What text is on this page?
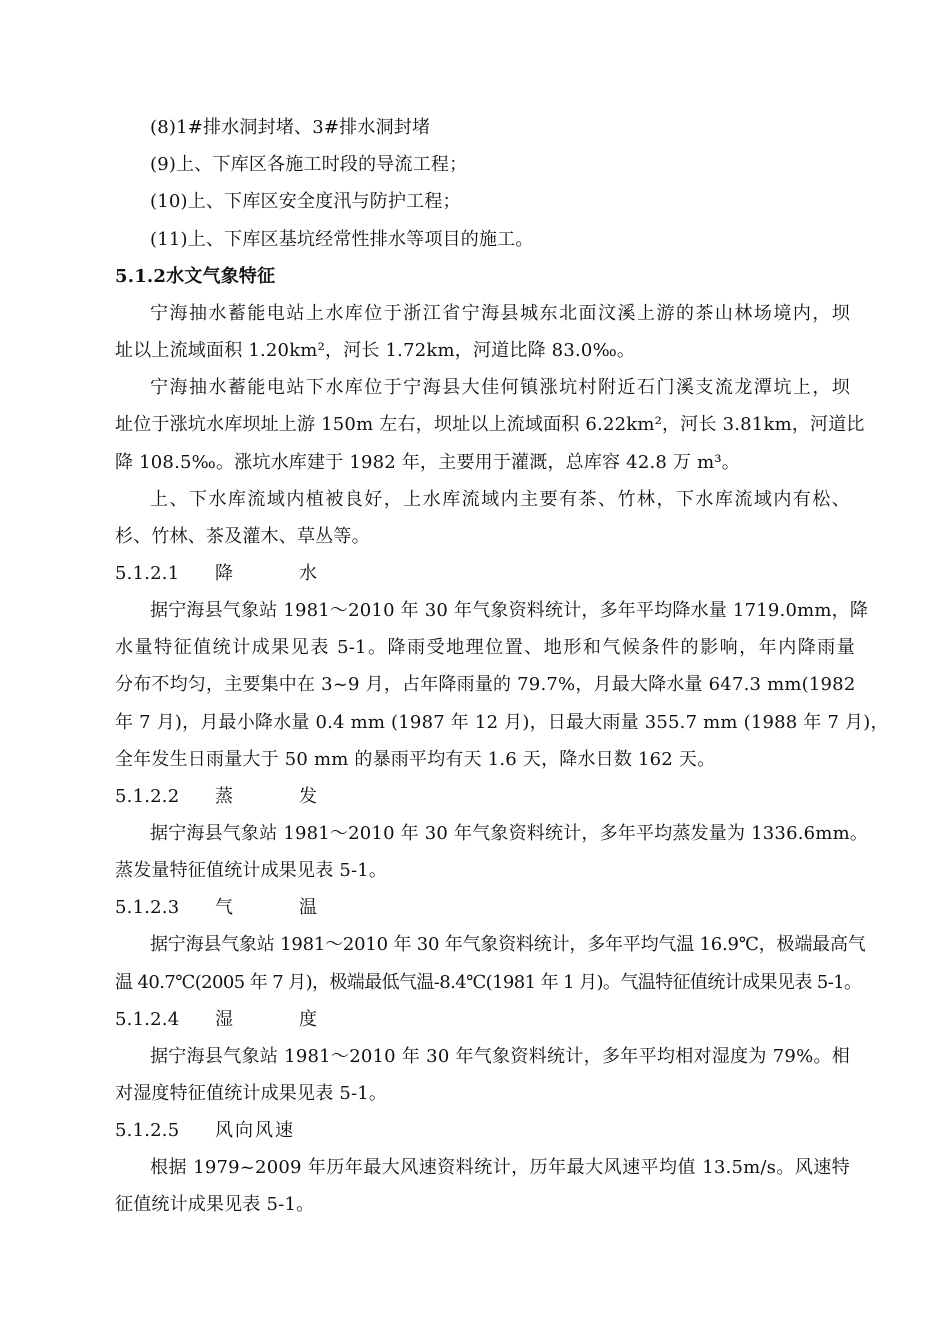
(8)1#排水洞封堵、3#排水洞封堵
(9)上、下库区各施工时段的导流工程；
(10)上、下库区安全度汛与防护工程；
(11)上、下库区基坑经常性排水等项目的施工。
5.1.2水文气象特征
宁海抽水蓄能电站上水库位于浙江省宁海县城东北面汶溪上游的茶山林场境内，坝
址以上流域面积 1.20km²，河长 1.72km，河道比降 83.0‰。
宁海抽水蓄能电站下水库位于宁海县大佳何镇涨坑村附近石门溪支流龙潭坑上，坝
址位于涨坑水库坝址上游 150m 左右，坝址以上流域面积 6.22km²，河长 3.81km，河道比
降 108.5‰。涨坑水库建于 1982 年，主要用于灌溉，总库容 42.8 万 m³。
上、下水库流域内植被良好，上水库流域内主要有茶、竹林，下水库流域内有松、
杉、竹林、茶及灌木、草丛等。
5.1.2.1 降　水
据宁海县气象站 1981～2010 年 30 年气象资料统计，多年平均降水量 1719.0mm，降
水量特征值统计成果见表 5-1。降雨受地理位置、地形和气候条件的影响，年内降雨量
分布不均匀，主要集中在 3~9 月，占年降雨量的 79.7%，月最大降水量 647.3 mm(1982
年 7 月)，月最小降水量 0.4 mm (1987 年 12 月)，日最大雨量 355.7 mm (1988 年 7 月)，
全年发生日雨量大于 50 mm 的暴雨平均有天 1.6 天，降水日数 162 天。
5.1.2.2 蒸　发
据宁海县气象站 1981～2010 年 30 年气象资料统计，多年平均蒸发量为 1336.6mm。
蒸发量特征值统计成果见表 5-1。
5.1.2.3 气　温
据宁海县气象站 1981～2010 年 30 年气象资料统计，多年平均气温 16.9℃，极端最高气
温 40.7℃(2005 年 7 月)，极端最低气温-8.4℃(1981 年 1 月)。气温特征值统计成果见表 5-1。
5.1.2.4 湿　度
据宁海县气象站 1981～2010 年 30 年气象资料统计，多年平均相对湿度为 79%。相
对湿度特征值统计成果见表 5-1。
5.1.2.5 风向风速
根据 1979~2009 年历年最大风速资料统计，历年最大风速平均值 13.5m/s。风速特
征值统计成果见表 5-1。
